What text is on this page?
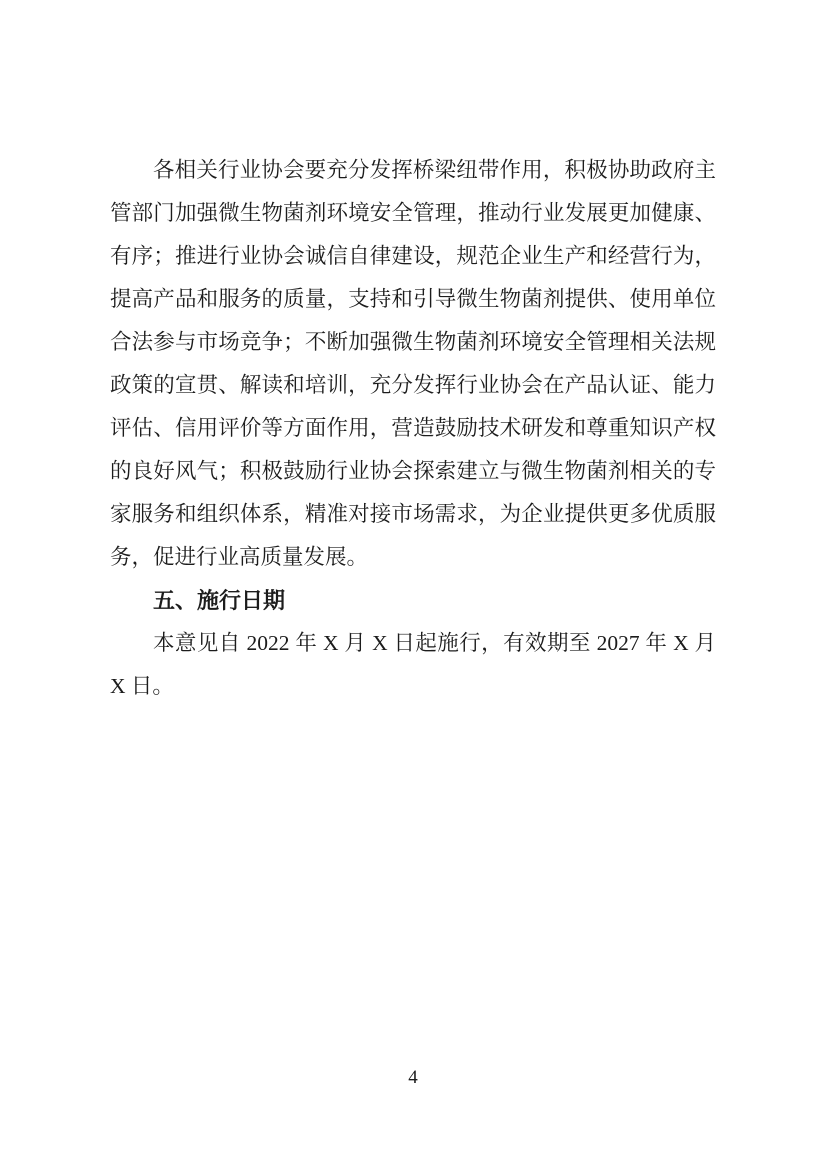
各相关行业协会要充分发挥桥梁纽带作用，积极协助政府主

管部门加强微生物菌剂环境安全管理，推动行业发展更加健康、

有序；推进行业协会诚信自律建设，规范企业生产和经营行为，

提高产品和服务的质量，支持和引导微生物菌剂提供、使用单位

合法参与市场竞争；不断加强微生物菌剂环境安全管理相关法规

政策的宣贯、解读和培训，充分发挥行业协会在产品认证、能力

评估、信用评价等方面作用，营造鼓励技术研发和尊重知识产权

的良好风气；积极鼓励行业协会探索建立与微生物菌剂相关的专

家服务和组织体系，精准对接市场需求，为企业提供更多优质服

务，促进行业高质量发展。

五、施行日期

本意见自 2022 年 X 月 X 日起施行，有效期至 2027 年 X 月

X 日。

4
